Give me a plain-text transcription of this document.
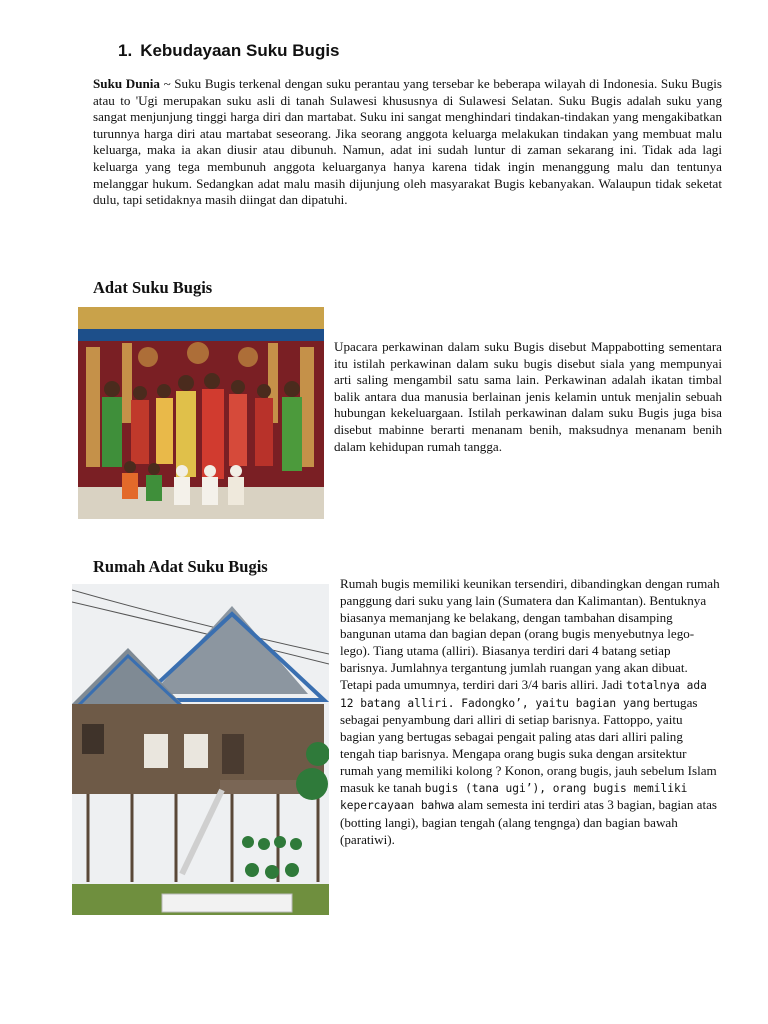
1. Kebudayaan Suku Bugis
Suku Dunia ~ Suku Bugis terkenal dengan suku perantau yang tersebar ke beberapa wilayah di Indonesia. Suku Bugis atau to 'Ugi merupakan suku asli di tanah Sulawesi khususnya di Sulawesi Selatan. Suku Bugis adalah suku yang sangat menjunjung tinggi harga diri dan martabat. Suku ini sangat menghindari tindakan-tindakan yang mengakibatkan turunnya harga diri atau martabat seseorang. Jika seorang anggota keluarga melakukan tindakan yang membuat malu keluarga, maka ia akan diusir atau dibunuh. Namun, adat ini sudah luntur di zaman sekarang ini. Tidak ada lagi keluarga yang tega membunuh anggota keluarganya hanya karena tidak ingin menanggung malu dan tentunya melanggar hukum. Sedangkan adat malu masih dijunjung oleh masyarakat Bugis kebanyakan. Walaupun tidak seketat dulu, tapi setidaknya masih diingat dan dipatuhi.
Adat Suku Bugis
Upacara perkawinan dalam suku Bugis disebut Mappabotting sementara itu istilah perkawinan dalam suku bugis disebut siala yang mempunyai arti saling mengambil satu sama lain. Perkawinan adalah ikatan timbal balik antara dua manusia berlainan jenis kelamin untuk menjalin sebuah hubungan kekeluargaan. Istilah perkawinan dalam suku Bugis juga bisa disebut mabinne berarti menanam benih, maksudnya menanam benih dalam kehidupan rumah tangga.
Rumah Adat Suku Bugis
Rumah bugis memiliki keunikan tersendiri, dibandingkan dengan rumah panggung dari suku yang lain (Sumatera dan Kalimantan). Bentuknya biasanya memanjang ke belakang, dengan tambahan disamping bangunan utama dan bagian depan (orang bugis menyebutnya lego-lego). Tiang utama (alliri). Biasanya terdiri dari 4 batang setiap barisnya. Jumlahnya tergantung jumlah ruangan yang akan dibuat. Tetapi pada umumnya, terdiri dari 3/4 baris alliri. Jadi totalnya ada 12 batang alliri. Fadongko’, yaitu bagian yang bertugas sebagai penyambung dari alliri di setiap barisnya. Fattoppo, yaitu bagian yang bertugas sebagai pengait paling atas dari alliri paling tengah tiap barisnya. Mengapa orang bugis suka dengan arsitektur rumah yang memiliki kolong ? Konon, orang bugis, jauh sebelum Islam masuk ke tanah bugis (tana ugi’), orang bugis memiliki kepercayaan bahwa alam semesta ini terdiri atas 3 bagian, bagian atas (botting langi), bagian tengah (alang tengnga) dan bagian bawah (paratiwi).
